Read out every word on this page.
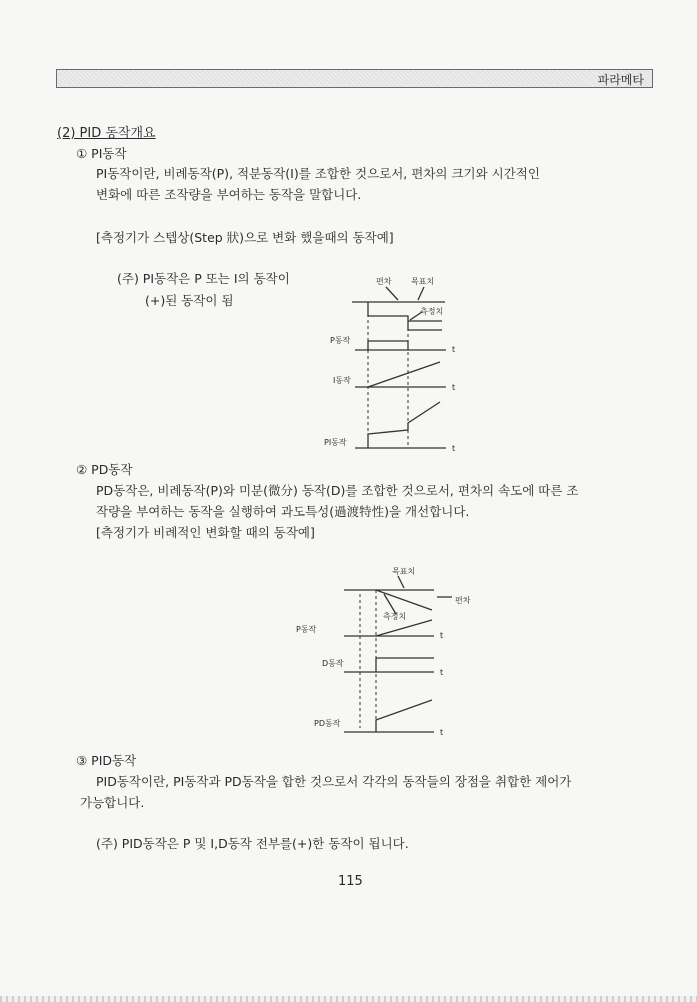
파라메타
(2) PID 동작개요
① PI동작
PI동작이란, 비례동작(P), 적분동작(I)를 조합한 것으로서, 편차의 크기와 시간적인
변화에 따른 조작량을 부여하는 동작을 말합니다.
[측정기가 스텝상(Step 狀)으로 변화 했을때의 동작예]
(주) PI동작은 P 또는 I의 동작이
(+)된 동작이 됨
편차 목표치
측정치
P동작
t
I동작
t
PI동작
t
② PD동작
PD동작은, 비례동작(P)와 미분(微分) 동작(D)를 조합한 것으로서, 편차의 속도에 따른 조
작량을 부여하는 동작을 실행하여 과도특성(過渡特性)을 개선합니다.
[측정기가 비례적인 변화할 때의 동작예]
목표치
편차
측정치
P동작
t
D동작
t
PD동작
t
③ PID동작
PID동작이란, PI동작과 PD동작을 합한 것으로서 각각의 동작들의 장점을 취합한 제어가
가능합니다.
(주) PID동작은 P 및 I,D동작 전부를(+)한 동작이 됩니다.
115
